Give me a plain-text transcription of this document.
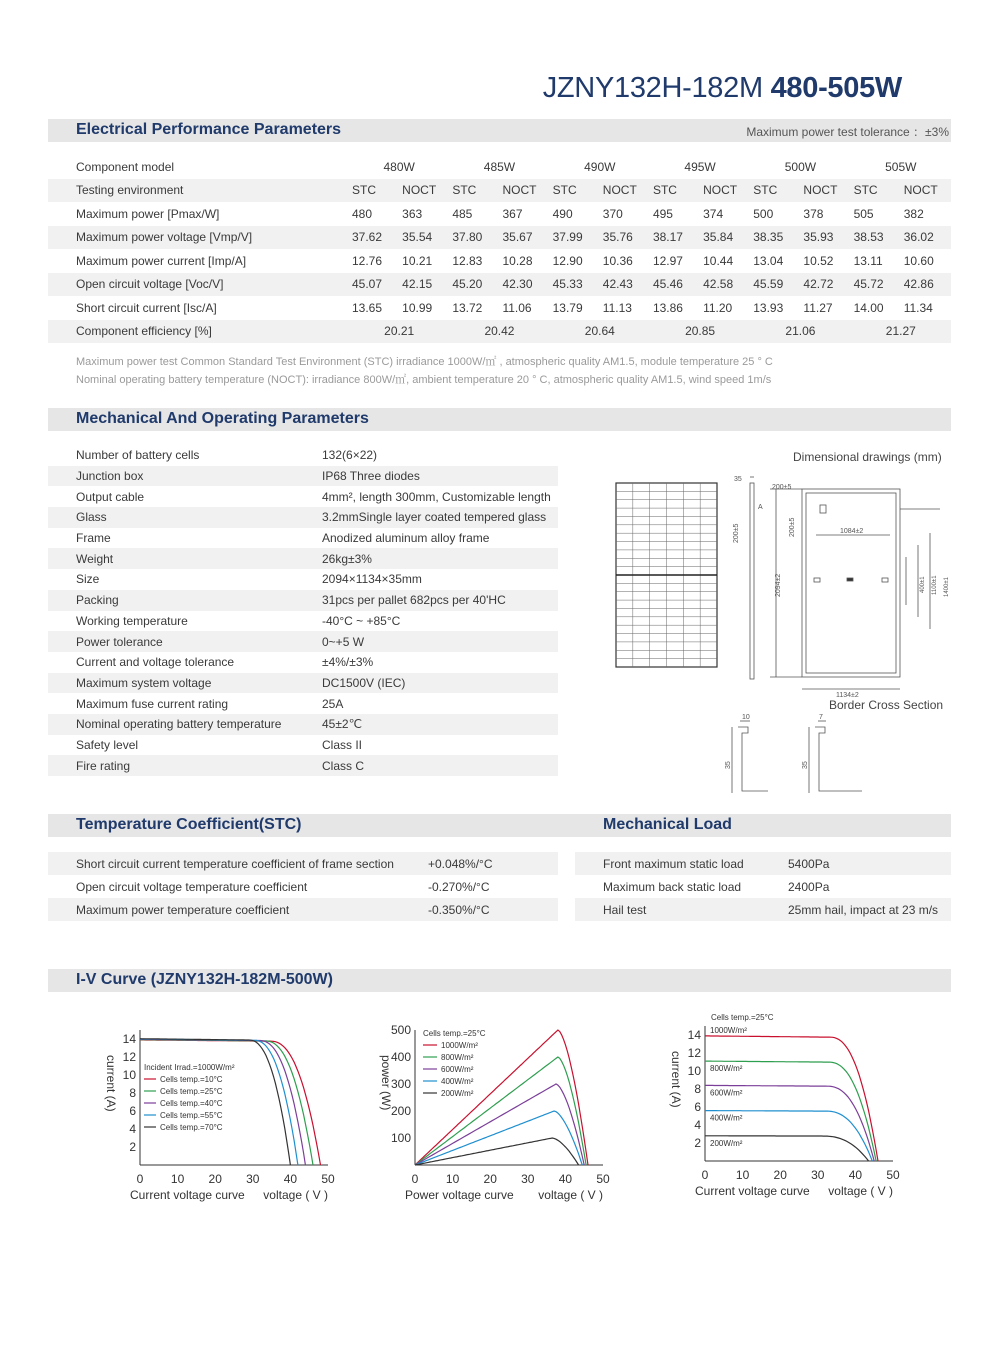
JZNY132H-182M 480-505W
Electrical Performance Parameters	Maximum power test tolerance ：±3%
Component model	480W		485W		490W		495W		500W		505W	
Testing environment	STC	NOCT	STC	NOCT	STC	NOCT	STC	NOCT	STC	NOCT	STC	NOCT
Maximum power [Pmax/W]	480	363	485	367	490	370	495	374	500	378	505	382
Maximum power voltage [Vmp/V]	37.62	35.54	37.80	35.67	37.99	35.76	38.17	35.84	38.35	35.93	38.53	36.02
Maximum power current [Imp/A]	12.76	10.21	12.83	10.28	12.90	10.36	12.97	10.44	13.04	10.52	13.11	10.60
Open circuit voltage [Voc/V]	45.07	42.15	45.20	42.30	45.33	42.43	45.46	42.58	45.59	42.72	45.72	42.86
Short circuit current [Isc/A]	13.65	10.99	13.72	11.06	13.79	11.13	13.86	11.20	13.93	11.27	14.00	11.34
Component efficiency [%]	20.21		20.42		20.64		20.85		21.06		21.27	
Maximum power test Common Standard Test Environment (STC) irradiance 1000W/㎡ , atmospheric quality AM1.5, module temperature 25 ° C
Nominal operating battery temperature (NOCT): irradiance 800W/㎡, ambient temperature 20 ° C, atmospheric quality AM1.5, wind speed 1m/s
Mechanical And Operating Parameters
Number of battery cells	132(6×22)
Junction box	IP68 Three diodes
Output cable	4mm², length 300mm, Customizable length
Glass	3.2mmSingle layer coated tempered glass
Frame	Anodized aluminum alloy frame
Weight	26kg±3%
Size	2094×1134×35mm
Packing	31pcs per pallet 682pcs per 40'HC
Working temperature	-40°C ~ +85°C
Power tolerance	0~+5 W
Current and voltage tolerance	±4%/±3%
Maximum system voltage	DC1500V (IEC)
Maximum fuse current rating	25A
Nominal operating battery temperature	45±2℃
Safety level	Class II
Fire rating	Class C
Dimensional drawings (mm)
Border Cross Section
35
A
200±5
200±5
200±5	1084±2
2094±2
1134±2
400±1 1100±1 1400±1
10
35
7
35
Temperature Coefficient(STC)	Mechanical Load
Short circuit current temperature coefficient of frame section	+0.048%/°C
Open circuit voltage temperature coefficient	-0.270%/°C
Maximum power temperature coefficient	-0.350%/°C
Front maximum static load	5400Pa
Maximum back static load	2400Pa
Hail test	25mm hail, impact at 23 m/s
I-V Curve (JZNY132H-182M-500W)
0 10 20 30 40 50
2
4
6
8
10
12
14
current (A)
Current voltage curve voltage ( V )
Incident Irrad.=1000W/m²
Cells temp.=10°C
Cells temp.=25°C
Cells temp.=40°C
Cells temp.=55°C
Cells temp.=70°C
0 10 20 30 40 50
100
200
300
400
500
power (W)
Power voltage curve voltage ( V )
Cells temp.=25°C
1000W/m²
800W/m²
600W/m²
400W/m²
200W/m²
0 10 20 30 40 50
2
4
6
8
10
12
14
current (A)
Current voltage curve voltage ( V )
Cells temp.=25°C
1000W/m²
800W/m²
600W/m²
400W/m²
200W/m²
